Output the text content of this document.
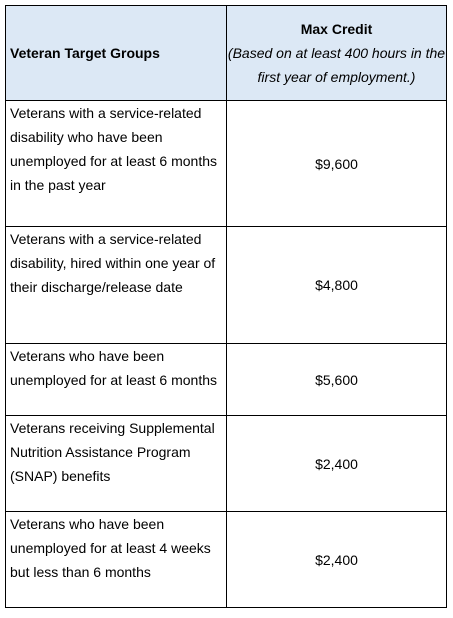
Veteran Target Groups	Max Credit
(Based on at least 400 hours in the first year of employment.)

Veterans with a service-related disability who have been unemployed for at least 6 months in the past year	$9,600
Veterans with a service-related disability, hired within one year of their discharge/release date	$4,800
Veterans who have been unemployed for at least 6 months	$5,600
Veterans receiving Supplemental Nutrition Assistance Program (SNAP) benefits	$2,400
Veterans who have been unemployed for at least 4 weeks but less than 6 months	$2,400
